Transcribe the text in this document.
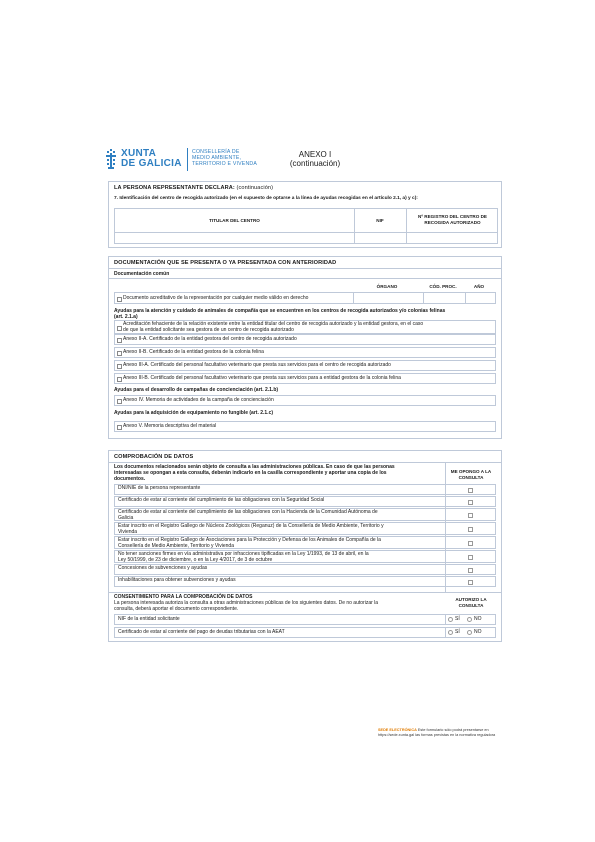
XUNTA
DE GALICIA
CONSELLERÍA DE
MEDIO AMBIENTE,
TERRITORIO E VIVENDA
ANEXO I
(continuación)
LA PERSONA REPRESENTANTE DECLARA: (continuación)
7. Identificación del centro de recogida autorizado (en el supuesto de optarse a la línea de ayudas recogidas en el artículo 2.1, a) y c):
TITULAR DEL CENTRO	NIF
Nº REGISTRO DEL CENTRO DE
RECOGIDA AUTORIZADO
DOCUMENTACIÓN QUE SE PRESENTA O YA PRESENTADA CON ANTERIORIDAD
Documentación común
ÓRGANO	CÓD. PROC.	AÑO
Documento acreditativo de la representación por cualquier medio válido en derecho
Ayudas para la atención y cuidado de animales de compañía que se encuentren en los centros de recogida autorizados y/o colonias felinas
(art. 2.1.a)
Acreditación fehaciente de la relación existente entre la entidad titular del centro de recogida autorizado y la entidad gestora, en el caso
de que la entidad solicitante sea gestora de un centro de recogida autorizado
Anexo II-A. Certificado de la entidad gestora del centro de recogida autorizado
Anexo II-B. Certificado de la entidad gestora de la colonia felina
Anexo III-A. Certificado del personal facultativo veterinario que presta sus servicios para el centro de recogida autorizado
Anexo III-B. Certificado del personal facultativo veterinario que presta sus servicios para a entidad gestora de la colonia felina
Ayudas para el desarrollo de campañas de concienciación (art. 2.1.b)
Anexo IV. Memoria de actividades de la campaña de concienciación
Ayudas para la adquisición de equipamiento no fungible (art. 2.1.c)
Anexo V. Memoria descriptiva del material
COMPROBACIÓN DE DATOS
Los documentos relacionados serán objeto de consulta a las administraciones públicas. En caso de que las personas
interesadas se opongan a esta consulta, deberán indicarlo en la casilla correspondiente y aportar una copia de los
documentos.
ME OPONGO A LA
CONSULTA
DNI/NIE de la persona representante
Certificado de estar al corriente del cumplimiento de las obligaciones con la Seguridad Social
Certificado de estar al corriente del cumplimiento de las obligaciones con la Hacienda de la Comunidad Autónoma de
Galicia
Estar inscrito en el Registro Gallego de Núcleos Zoológicos (Reganuz) de la Consellería de Medio Ambiente, Territorio y
Vivienda
Estar inscrito en el Registro Gallego de Asociaciones para la Protección y Defensa de los Animales de Compañía de la
Consellería de Medio Ambiente, Territorio y Vivienda
No tener sanciones firmes en vía administrativa por infracciones tipificadas en la Ley 1/1993, de 13 de abril, en la
Ley 50/1999, de 23 de diciembre, o en la Ley 4/2017, de 3 de octubre
Concesiones de subvenciones y ayudas
Inhabilitaciones para obtener subvenciones y ayudas
CONSENTIMIENTO PARA LA COMPROBACIÓN DE DATOS
La persona interesada autoriza la consulta a otras administraciones públicas de los siguientes datos. De no autorizar la
consulta, deberá aportar el documento correspondiente.
AUTORIZO LA
CONSULTA
NIF de la entidad solicitante	SÍ	NO
Certificado de estar al corriente del pago de deudas tributarias con la AEAT	SÍ	NO
SEDE ELECTRÓNICA Este formulario sólo podrá presentarse en
https://sede.xunta.gal las formas previstas en la normativa reguladora
